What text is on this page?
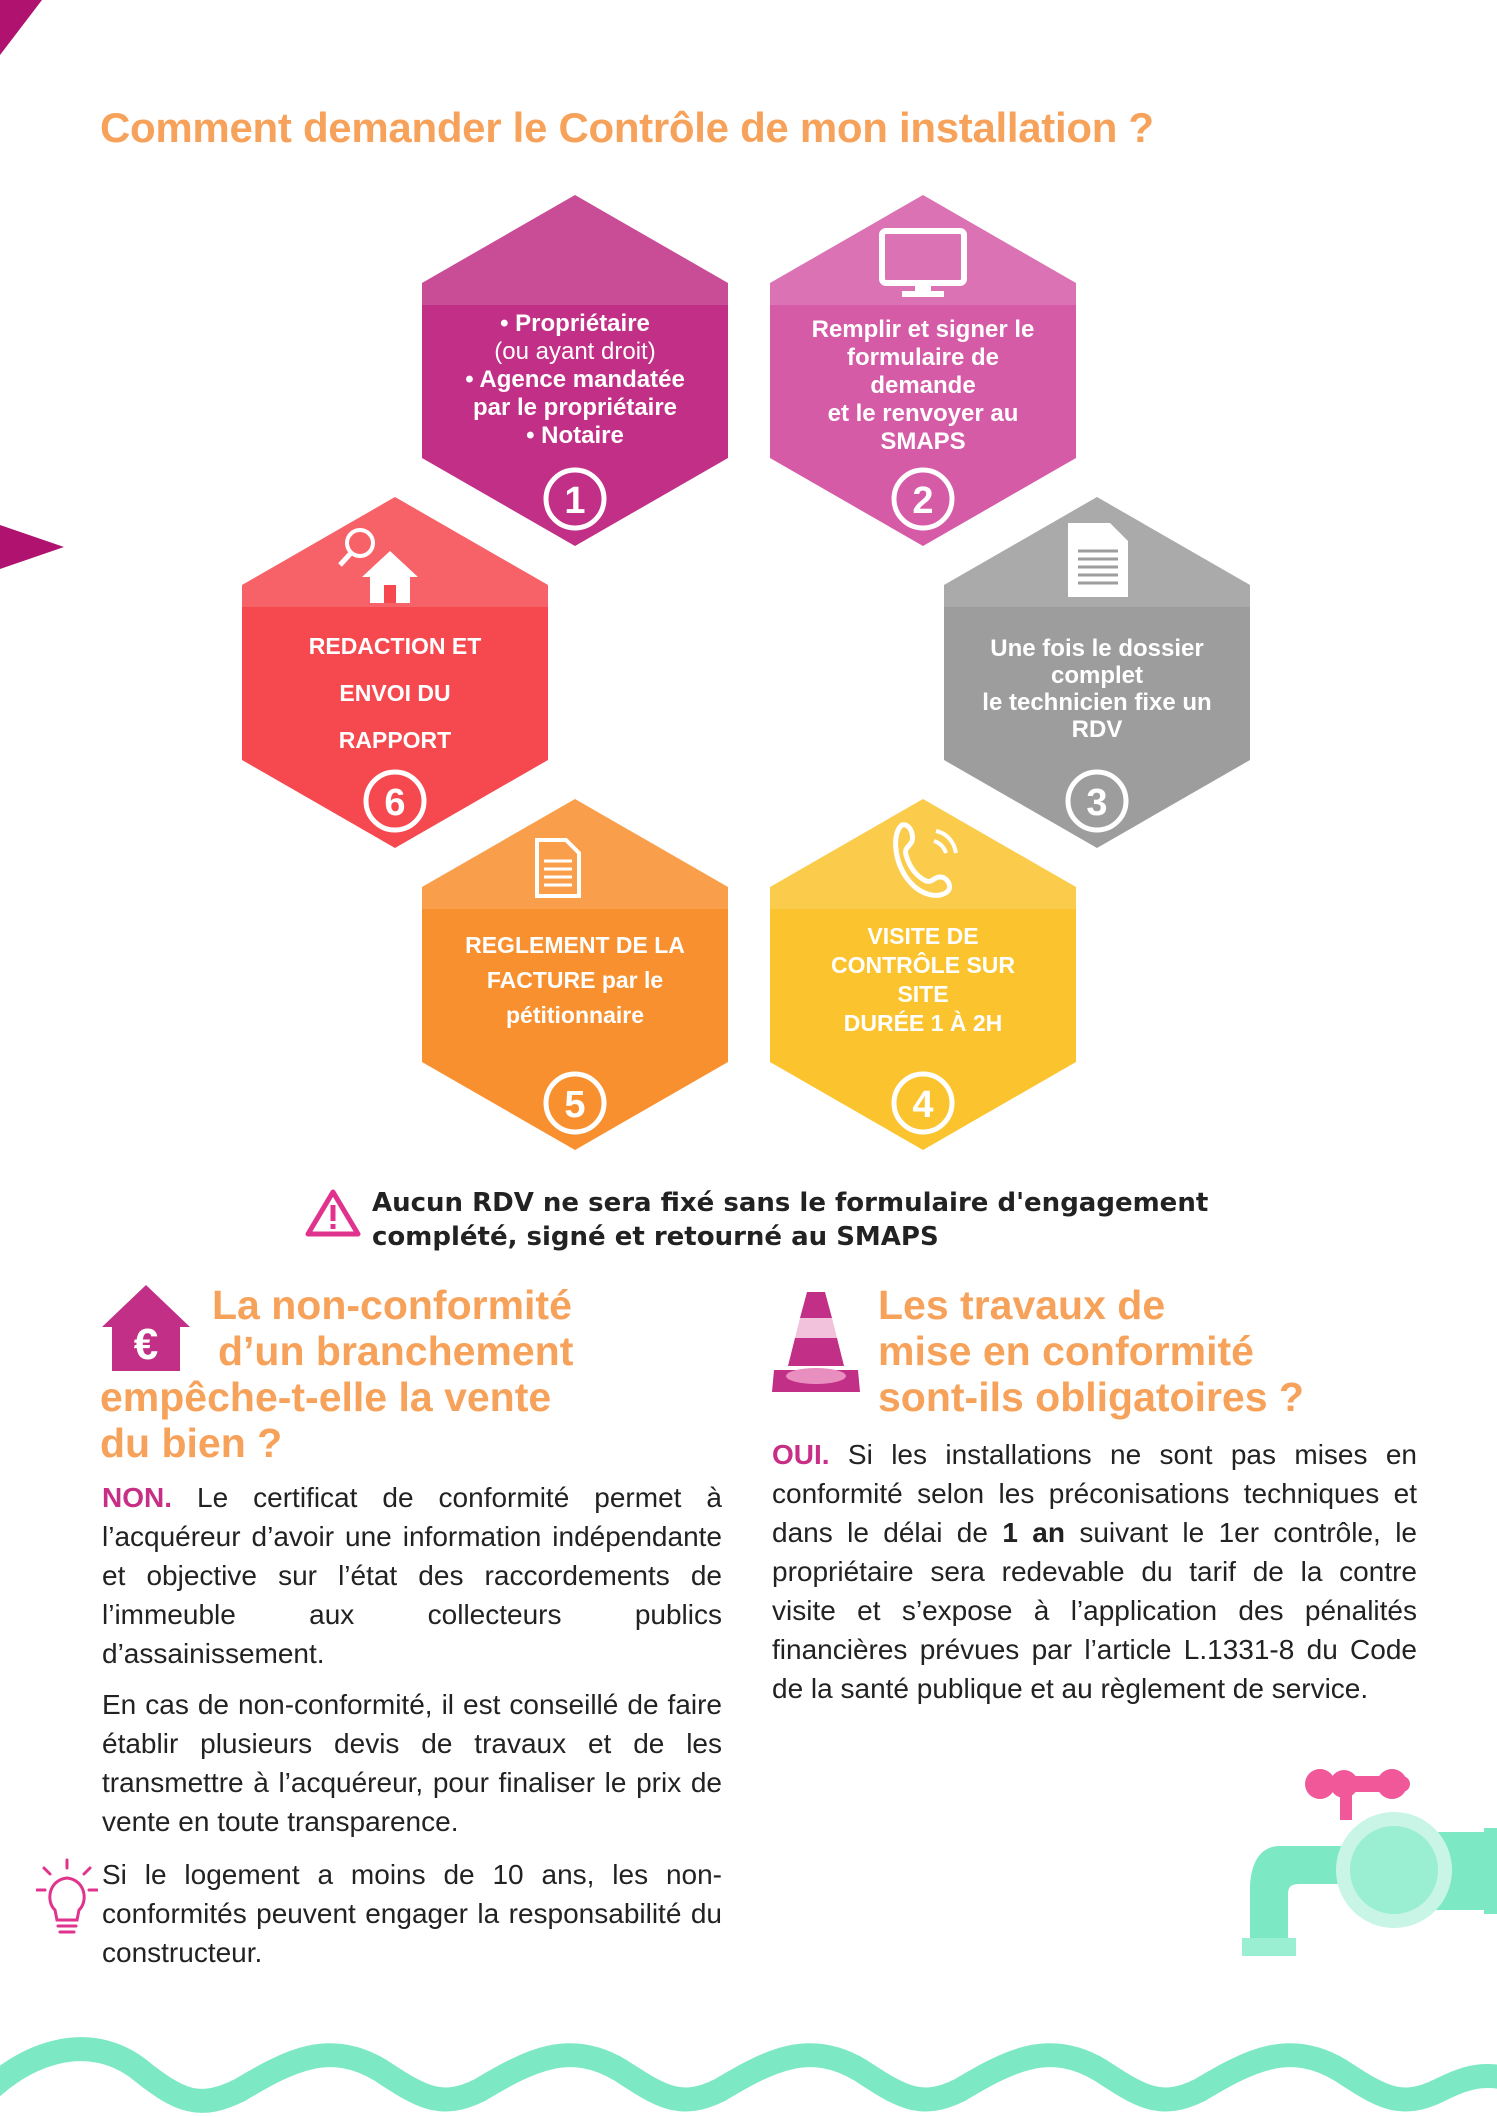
Comment demander le Contrôle de mon installation ?
1
• Propriétaire
(ou ayant droit)
• Agence mandatée
par le propriétaire
• Notaire
2
Remplir et signer le
formulaire de
demande
et le renvoyer au
SMAPS
3
Une fois le dossier
complet
le technicien fixe un
RDV
4
VISITE DE
CONTRÔLE SUR
SITE
DURÉE 1 À 2H
5
REGLEMENT DE LA
FACTURE par le
pétitionnaire
6
REDACTION ET
ENVOI DU
RAPPORT
Aucun RDV ne sera fixé sans le formulaire d'engagement
complété, signé et retourné au SMAPS
€
La non-conformité
d’un branchement
empêche-t-elle la vente
du bien ?
NON. Le certificat de conformité permet à l’acquéreur d’avoir une information indépendante et objective sur l’état des raccordements de l’immeuble aux collecteurs publics d’assainissement.
En cas de non-conformité, il est conseillé de faire établir plusieurs devis de travaux et de les transmettre à l’acquéreur, pour finaliser le prix de vente en toute transparence.
Si le logement a moins de 10 ans, les non-conformités peuvent engager la responsabilité du constructeur.
Les travaux de
mise en conformité
sont-ils obligatoires ?
OUI. Si les installations ne sont pas mises en conformité selon les préconisations techniques et dans le délai de 1 an suivant le 1er contrôle, le propriétaire sera redevable du tarif de la contre visite et s’expose à l’application des pénalités financières prévues par l’article L.1331-8 du Code de la santé publique et au règlement de service.
